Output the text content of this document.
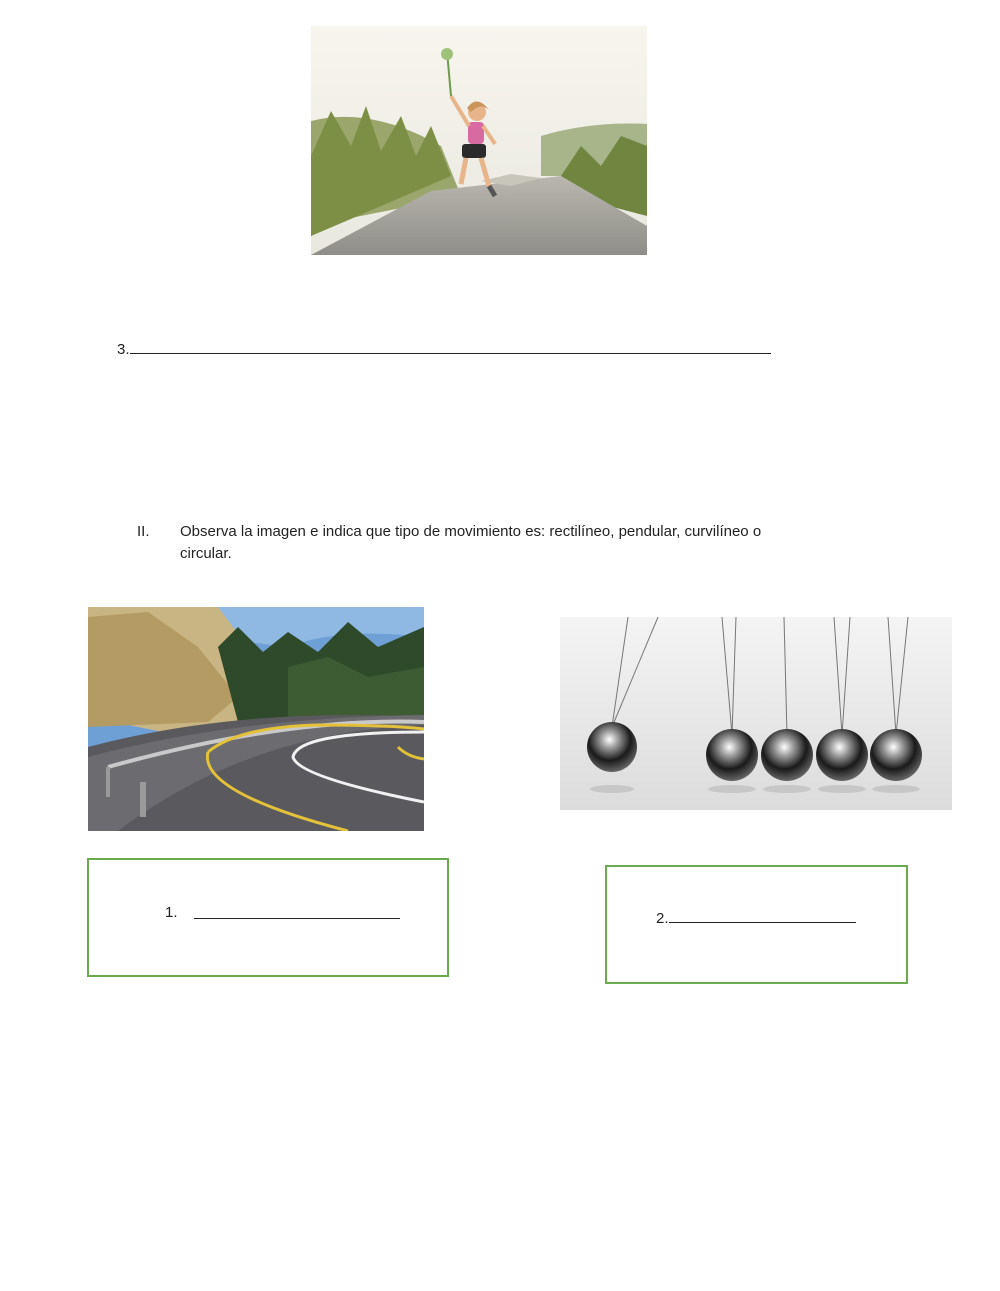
3.
II. Observa la imagen e indica que tipo de movimiento es: rectilíneo, pendular, curvilíneo o
circular.
1.	2.
